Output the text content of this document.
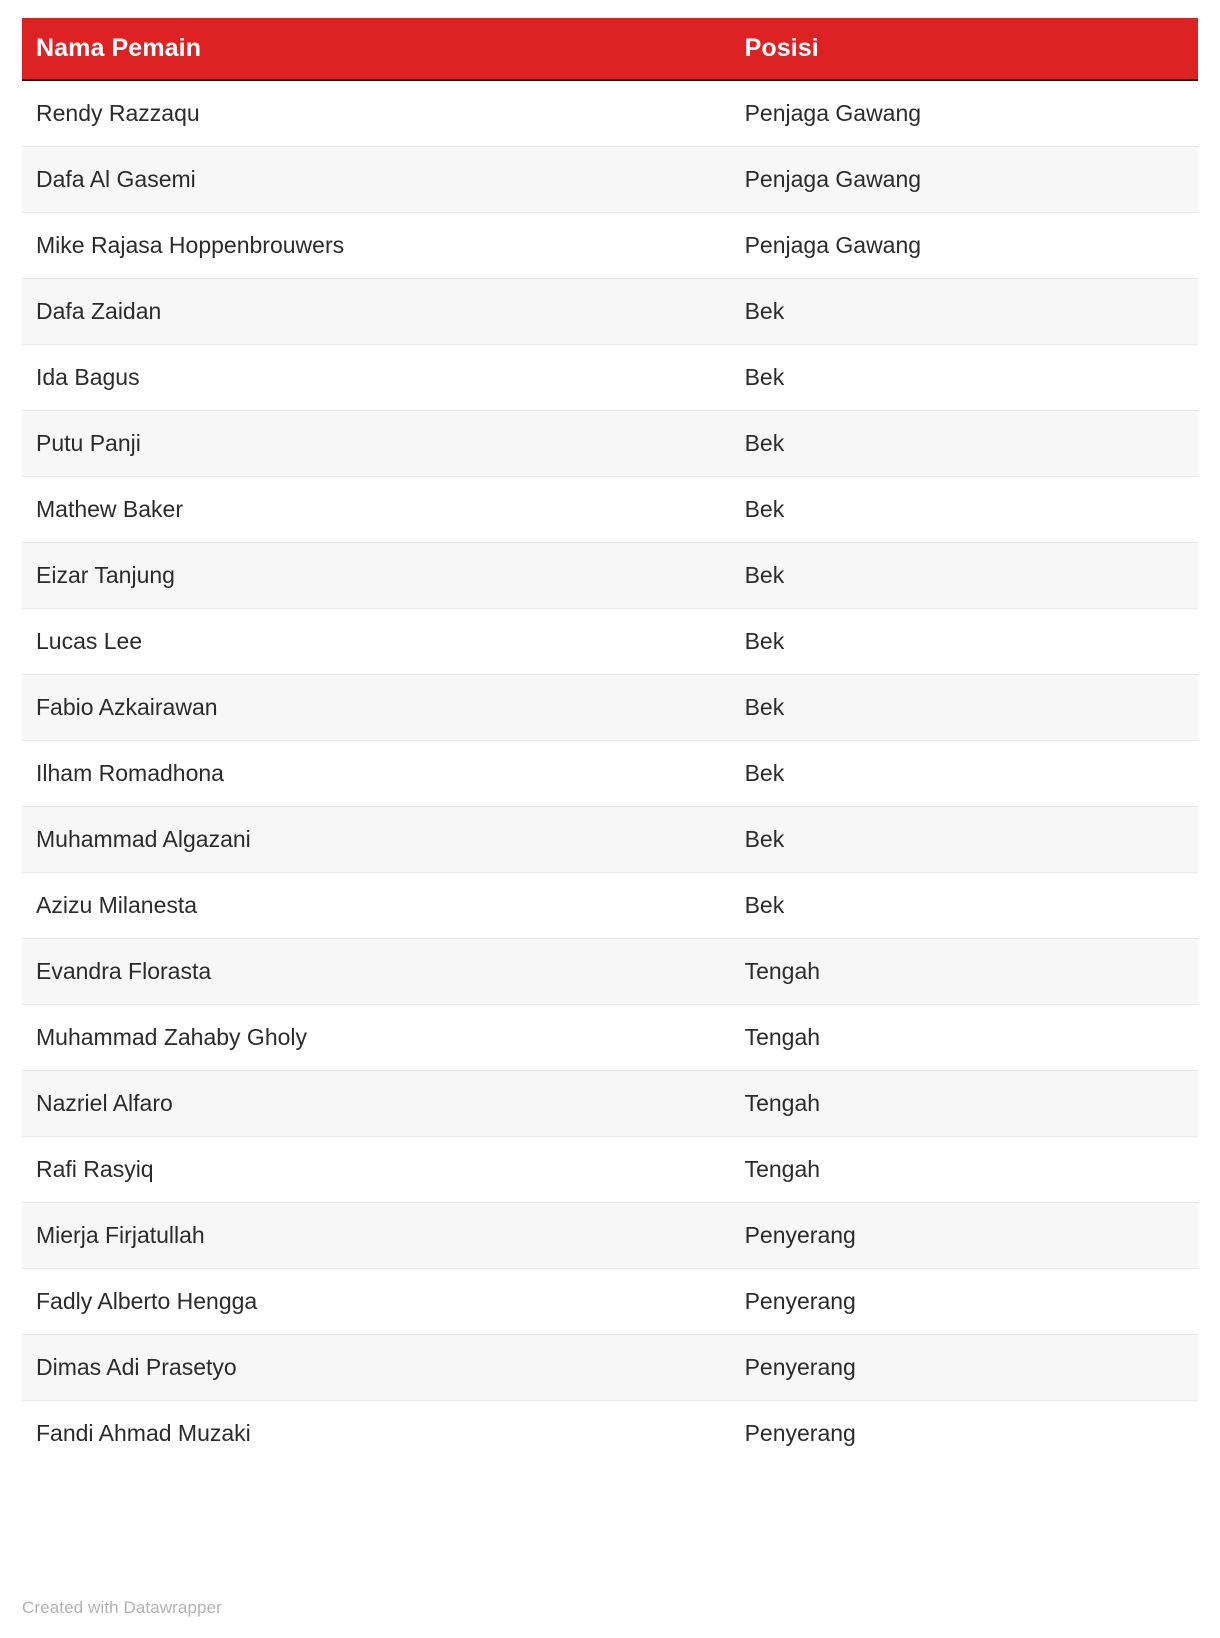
Nama Pemain	Posisi
Rendy Razzaqu	Penjaga Gawang
Dafa Al Gasemi	Penjaga Gawang
Mike Rajasa Hoppenbrouwers	Penjaga Gawang
Dafa Zaidan	Bek
Ida Bagus	Bek
Putu Panji	Bek
Mathew Baker	Bek
Eizar Tanjung	Bek
Lucas Lee	Bek
Fabio Azkairawan	Bek
Ilham Romadhona	Bek
Muhammad Algazani	Bek
Azizu Milanesta	Bek
Evandra Florasta	Tengah
Muhammad Zahaby Gholy	Tengah
Nazriel Alfaro	Tengah
Rafi Rasyiq	Tengah
Mierja Firjatullah	Penyerang
Fadly Alberto Hengga	Penyerang
Dimas Adi Prasetyo	Penyerang
Fandi Ahmad Muzaki	Penyerang
Created with Datawrapper
